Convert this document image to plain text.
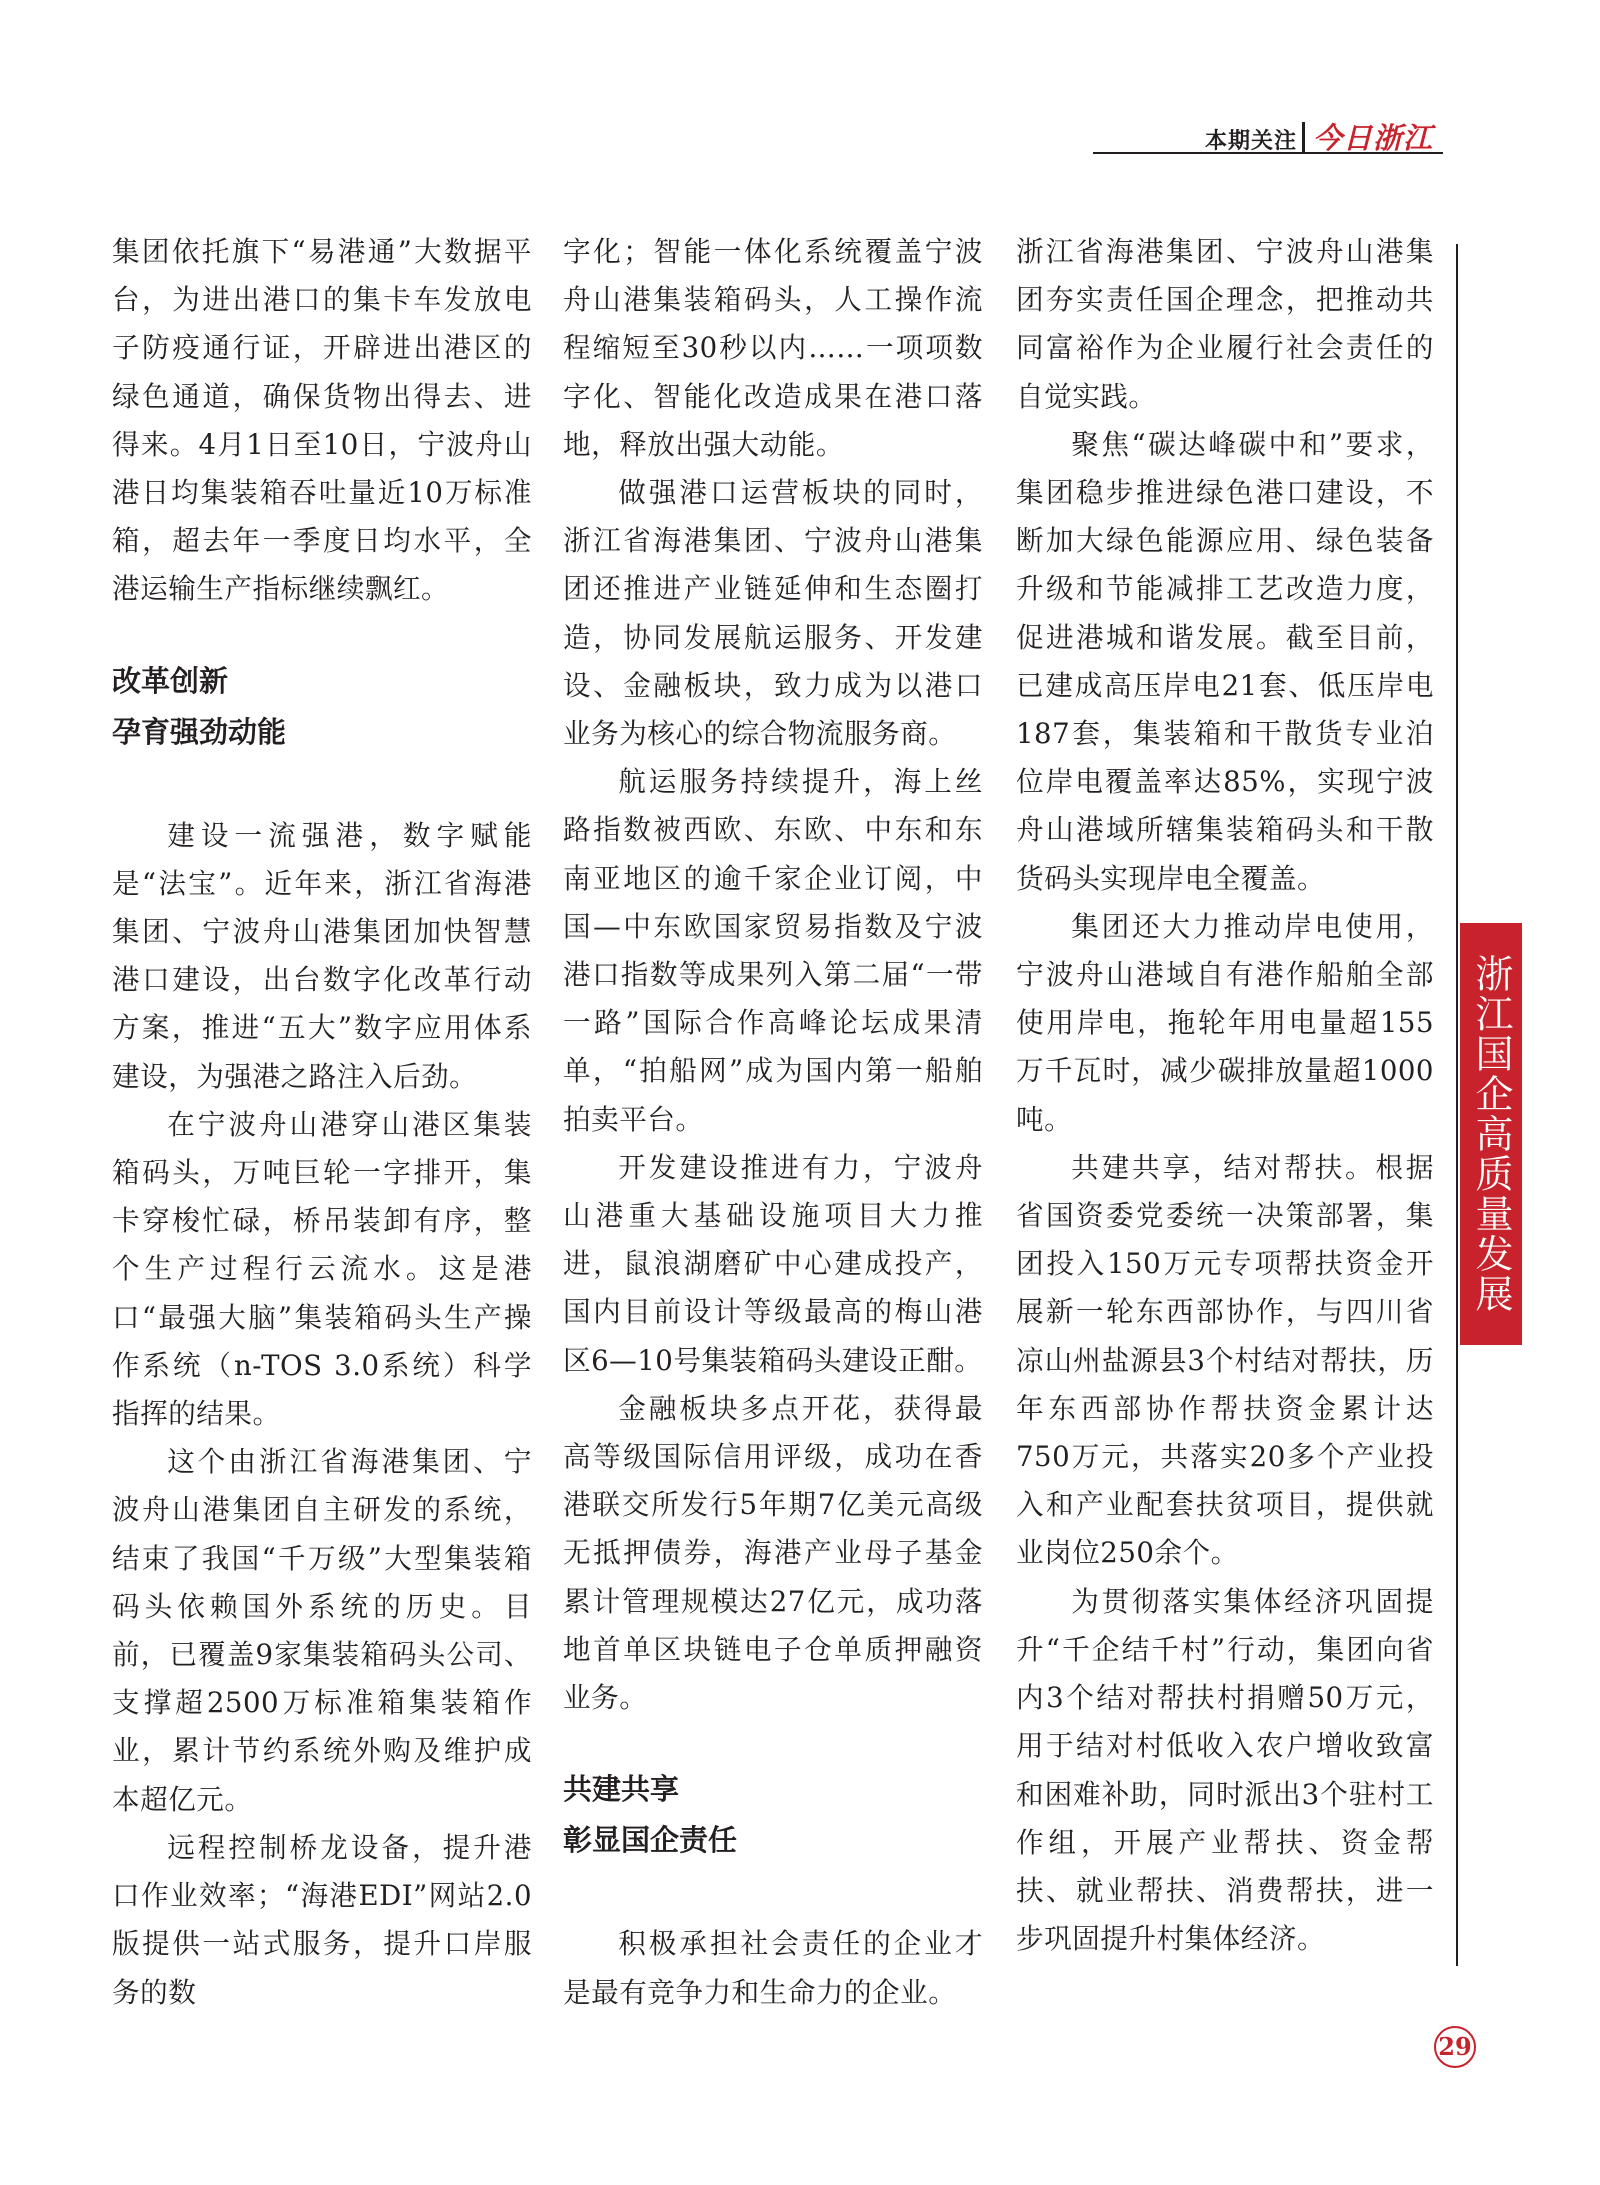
本期关注 今日浙江

集团依托旗下“易港通”大数据平台，为进出港口的集卡车发放电子防疫通行证，开辟进出港区的绿色通道，确保货物出得去、进得来。4月1日至10日，宁波舟山港日均集装箱吞吐量近10万标准箱，超去年一季度日均水平，全港运输生产指标继续飘红。

改革创新
孕育强劲动能

建设一流强港，数字赋能是“法宝”。近年来，浙江省海港集团、宁波舟山港集团加快智慧港口建设，出台数字化改革行动方案，推进“五大”数字应用体系建设，为强港之路注入后劲。

在宁波舟山港穿山港区集装箱码头，万吨巨轮一字排开，集卡穿梭忙碌，桥吊装卸有序，整个生产过程行云流水。这是港口“最强大脑”集装箱码头生产操作系统（n-TOS 3.0系统）科学指挥的结果。

这个由浙江省海港集团、宁波舟山港集团自主研发的系统，结束了我国“千万级”大型集装箱码头依赖国外系统的历史。目前，已覆盖9家集装箱码头公司、支撑超2500万标准箱集装箱作业，累计节约系统外购及维护成本超亿元。

远程控制桥龙设备，提升港口作业效率；“海港EDI”网站2.0版提供一站式服务，提升口岸服务的数

字化；智能一体化系统覆盖宁波舟山港集装箱码头，人工操作流程缩短至30秒以内……一项项数字化、智能化改造成果在港口落地，释放出强大动能。

做强港口运营板块的同时，浙江省海港集团、宁波舟山港集团还推进产业链延伸和生态圈打造，协同发展航运服务、开发建设、金融板块，致力成为以港口业务为核心的综合物流服务商。

航运服务持续提升，海上丝路指数被西欧、东欧、中东和东南亚地区的逾千家企业订阅，中国—中东欧国家贸易指数及宁波港口指数等成果列入第二届“一带一路”国际合作高峰论坛成果清单，“拍船网”成为国内第一船舶拍卖平台。

开发建设推进有力，宁波舟山港重大基础设施项目大力推进，鼠浪湖磨矿中心建成投产，国内目前设计等级最高的梅山港区6—10号集装箱码头建设正酣。

金融板块多点开花，获得最高等级国际信用评级，成功在香港联交所发行5年期7亿美元高级无抵押债券，海港产业母子基金累计管理规模达27亿元，成功落地首单区块链电子仓单质押融资业务。

共建共享
彰显国企责任

积极承担社会责任的企业才是最有竞争力和生命力的企业。

浙江省海港集团、宁波舟山港集团夯实责任国企理念，把推动共同富裕作为企业履行社会责任的自觉实践。

聚焦“碳达峰碳中和”要求，集团稳步推进绿色港口建设，不断加大绿色能源应用、绿色装备升级和节能减排工艺改造力度，促进港城和谐发展。截至目前，已建成高压岸电21套、低压岸电187套，集装箱和干散货专业泊位岸电覆盖率达85%，实现宁波舟山港域所辖集装箱码头和干散货码头实现岸电全覆盖。

集团还大力推动岸电使用，宁波舟山港域自有港作船舶全部使用岸电，拖轮年用电量超155万千瓦时，减少碳排放量超1000吨。

共建共享，结对帮扶。根据省国资委党委统一决策部署，集团投入150万元专项帮扶资金开展新一轮东西部协作，与四川省凉山州盐源县3个村结对帮扶，历年东西部协作帮扶资金累计达750万元，共落实20多个产业投入和产业配套扶贫项目，提供就业岗位250余个。

为贯彻落实集体经济巩固提升“千企结千村”行动，集团向省内3个结对帮扶村捐赠50万元，用于结对村低收入农户增收致富和困难补助，同时派出3个驻村工作组，开展产业帮扶、资金帮扶、就业帮扶、消费帮扶，进一步巩固提升村集体经济。

浙江国企高质量发展
29
